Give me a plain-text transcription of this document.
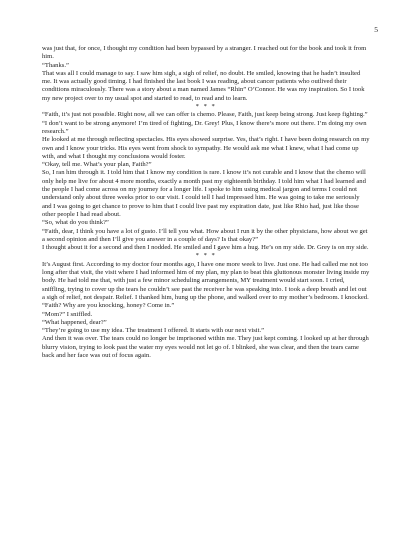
5

was just that, for once, I thought my condition had been bypassed by a stranger. I reached out for the book and took it from him.

“Thanks.”

That was all I could manage to say. I saw him sigh, a sigh of relief, no doubt. He smiled, knowing that he hadn’t insulted me. It was actually good timing. I had finished the last book I was reading, about cancer patients who outlived their conditions miraculously. There was a story about a man named James “Rhin” O’Connor. He was my inspiration. So I took my new project over to my usual spot and started to read, to read and to learn.

* * *

“Faith, it’s just not possible. Right now, all we can offer is chemo. Please, Faith, just keep being strong. Just keep fighting.”

“I don’t want to be strong anymore! I’m tired of fighting, Dr. Grey! Plus, I know there’s more out there. I’m doing my own research.”

He looked at me through reflecting spectacles. His eyes showed surprise. Yes, that’s right. I have been doing research on my own and I know your tricks. His eyes went from shock to sympathy. He would ask me what I knew, what I had come up with, and what I thought my conclusions would foster.

“Okay, tell me. What’s your plan, Faith?”

So, I ran him through it. I told him that I know my condition is rare. I know it’s not curable and I know that the chemo will only help me live for about 4 more months, exactly a month past my eighteenth birthday. I told him what I had learned and the people I had come across on my journey for a longer life. I spoke to him using medical jargon and terms I could not understand only about three weeks prior to our visit. I could tell I had impressed him. He was going to take me seriously and I was going to get chance to prove to him that I could live past my expiration date, just like Rhio had, just like those other people I had read about.

“So, what do you think?”

“Faith, dear, I think you have a lot of gusto. I’ll tell you what. How about I run it by the other physicians, how about we get a second opinion and then I’ll give you answer in a couple of days? Is that okay?”

I thought about it for a second and then I nodded. He smiled and I gave him a hug. He’s on my side. Dr. Grey is on my side.

* * *

It’s August first. According to my doctor four months ago, I have one more week to live. Just one. He had called me not too long after that visit, the visit where I had informed him of my plan, my plan to beat this gluttonous monster living inside my body. He had told me that, with just a few minor scheduling arrangements, MY treatment would start soon. I cried, sniffling, trying to cover up the tears he couldn’t see past the receiver he was speaking into. I took a deep breath and let out a sigh of relief, not despair. Relief. I thanked him, hung up the phone, and walked over to my mother’s bedroom. I knocked.

“Faith? Why are you knocking, honey? Come in.”

“Mom?” I sniffled.

“What happened, dear?”

“They’re going to use my idea. The treatment I offered. It starts with our next visit.”

And then it was over. The tears could no longer be imprisoned within me. They just kept coming. I looked up at her through blurry vision, trying to look past the water my eyes would not let go of. I blinked, she was clear, and then the tears came back and her face was out of focus again.
